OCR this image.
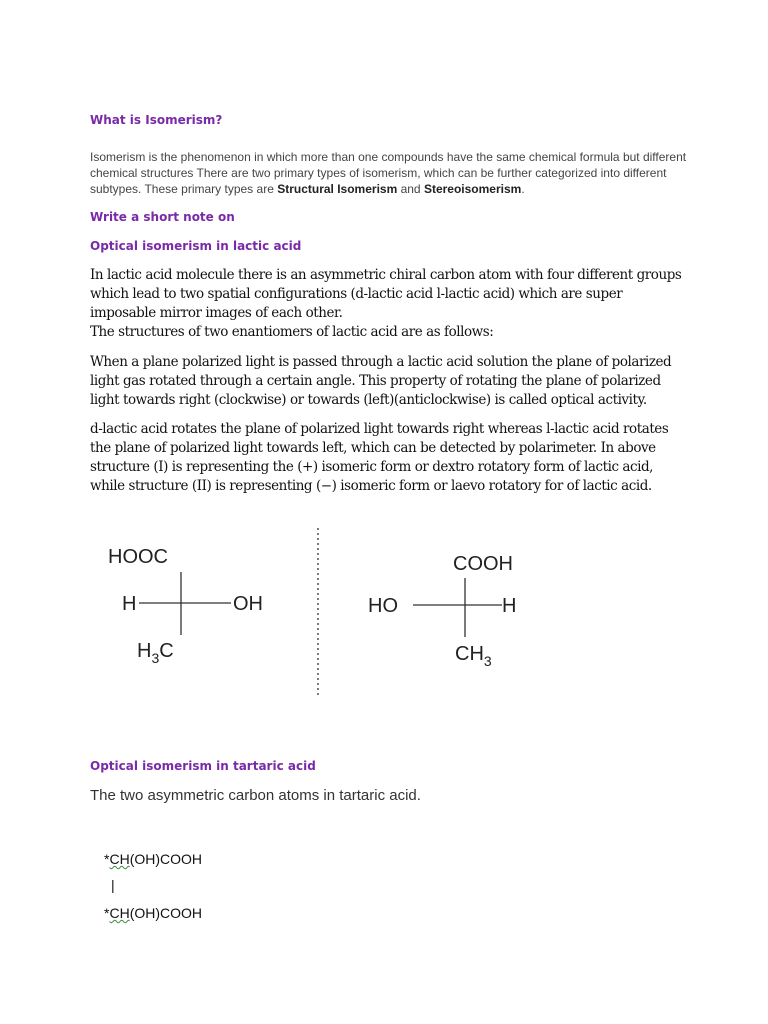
What is Isomerism?
Isomerism is the phenomenon in which more than one compounds have the same chemical formula but different chemical structures There are two primary types of isomerism, which can be further categorized into different subtypes. These primary types are Structural Isomerism and Stereoisomerism.
Write a short note on
Optical isomerism in lactic acid
In lactic acid molecule there is an asymmetric chiral carbon atom with four different groups which lead to two spatial configurations (d-lactic acid l-lactic acid) which are super imposable mirror images of each other.
The structures of two enantiomers of lactic acid are as follows:
When a plane polarized light is passed through a lactic acid solution the plane of polarized light gas rotated through a certain angle. This property of rotating the plane of polarized light towards right (clockwise) or towards (left)(anticlockwise) is called optical activity.
d-lactic acid rotates the plane of polarized light towards right whereas l-lactic acid rotates the plane of polarized light towards left, which can be detected by polarimeter. In above structure (I) is representing the (+) isomeric form or dextro rotatory form of lactic acid, while structure (II) is representing (−) isomeric form or laevo rotatory for of lactic acid.
HOOC
H	OH
$H_3C$
COOH
HO	H
$CH_3$
Optical isomerism in tartaric acid
The two asymmetric carbon atoms in tartaric acid.
*CH(OH)COOH
|
*CH(OH)COOH
